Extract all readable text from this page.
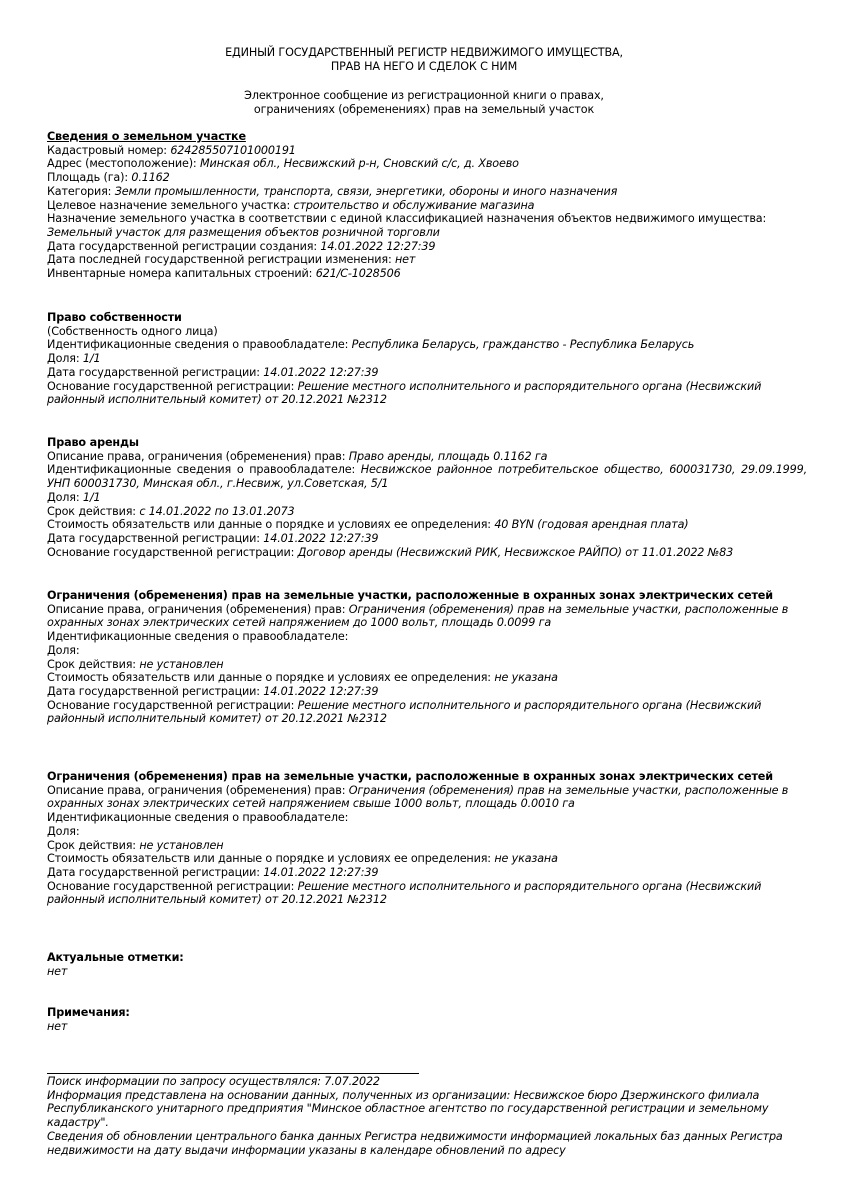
ЕДИНЫЙ ГОСУДАРСТВЕННЫЙ РЕГИСТР НЕДВИЖИМОГО ИМУЩЕСТВА,
ПРАВ НА НЕГО И СДЕЛОК С НИМ
Электронное сообщение из регистрационной книги о правах,
ограничениях (обременениях) прав на земельный участок
Сведения о земельном участке
Кадастровый номер: 624285507101000191
Адрес (местоположение): Минская обл., Несвижский р-н, Сновский с/с, д. Хвоево
Площадь (га): 0.1162
Категория: Земли промышленности, транспорта, связи, энергетики, обороны и иного назначения
Целевое назначение земельного участка: строительство и обслуживание магазина
Назначение земельного участка в соответствии с единой классификацией назначения объектов недвижимого имущества: Земельный участок для размещения объектов розничной торговли
Дата государственной регистрации создания: 14.01.2022 12:27:39
Дата последней государственной регистрации изменения: нет
Инвентарные номера капитальных строений: 621/С-1028506
Право собственности
(Собственность одного лица)
Идентификационные сведения о правообладателе: Республика Беларусь, гражданство - Республика Беларусь
Доля: 1/1
Дата государственной регистрации: 14.01.2022 12:27:39
Основание государственной регистрации: Решение местного исполнительного и распорядительного органа (Несвижский районный исполнительный комитет) от 20.12.2021 №2312
Право аренды
Описание права, ограничения (обременения) прав: Право аренды, площадь 0.1162 га
Идентификационные сведения о правообладателе: Несвижское районное потребительское общество, 600031730, 29.09.1999, УНП 600031730, Минская обл., г.Несвиж, ул.Советская, 5/1
Доля: 1/1
Срок действия: с 14.01.2022 по 13.01.2073
Стоимость обязательств или данные о порядке и условиях ее определения: 40 BYN (годовая арендная плата)
Дата государственной регистрации: 14.01.2022 12:27:39
Основание государственной регистрации: Договор аренды (Несвижский РИК, Несвижское РАЙПО) от 11.01.2022 №83
Ограничения (обременения) прав на земельные участки, расположенные в охранных зонах электрических сетей
Описание права, ограничения (обременения) прав: Ограничения (обременения) прав на земельные участки, расположенные в охранных зонах электрических сетей напряжением до 1000 вольт, площадь 0.0099 га
Идентификационные сведения о правообладателе:
Доля:
Срок действия: не установлен
Стоимость обязательств или данные о порядке и условиях ее определения: не указана
Дата государственной регистрации: 14.01.2022 12:27:39
Основание государственной регистрации: Решение местного исполнительного и распорядительного органа (Несвижский районный исполнительный комитет) от 20.12.2021 №2312
Ограничения (обременения) прав на земельные участки, расположенные в охранных зонах электрических сетей
Описание права, ограничения (обременения) прав: Ограничения (обременения) прав на земельные участки, расположенные в охранных зонах электрических сетей напряжением свыше 1000 вольт, площадь 0.0010 га
Идентификационные сведения о правообладателе:
Доля:
Срок действия: не установлен
Стоимость обязательств или данные о порядке и условиях ее определения: не указана
Дата государственной регистрации: 14.01.2022 12:27:39
Основание государственной регистрации: Решение местного исполнительного и распорядительного органа (Несвижский районный исполнительный комитет) от 20.12.2021 №2312
Актуальные отметки:
нет
Примечания:
нет
Поиск информации по запросу осуществлялся: 7.07.2022
Информация представлена на основании данных, полученных из организации: Несвижское бюро Дзержинского филиала Республиканского унитарного предприятия "Минское областное агентство по государственной регистрации и земельному кадастру".
Сведения об обновлении центрального банка данных Регистра недвижимости информацией локальных баз данных Регистра недвижимости на дату выдачи информации указаны в календаре обновлений по адресу
